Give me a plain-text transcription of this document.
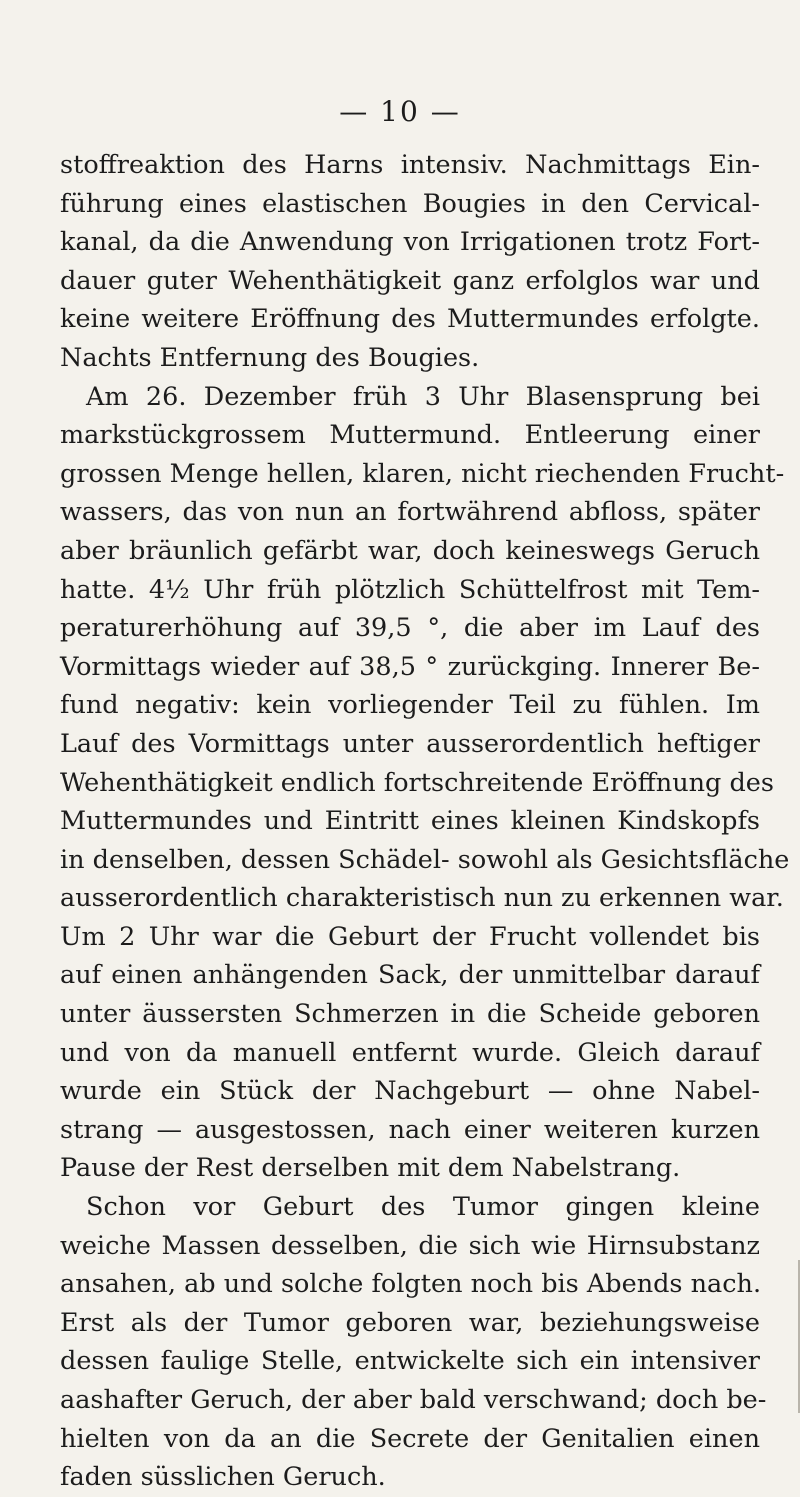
— 10 —
stoffreaktion des Harns intensiv. Nachmittags Ein-
führung eines elastischen Bougies in den Cervical-
kanal, da die Anwendung von Irrigationen trotz Fort-
dauer guter Wehenthätigkeit ganz erfolglos war und
keine weitere Eröffnung des Muttermundes erfolgte.
Nachts Entfernung des Bougies.
Am 26. Dezember früh 3 Uhr Blasensprung bei
markstückgrossem Muttermund. Entleerung einer
grossen Menge hellen, klaren, nicht riechenden Frucht-
wassers, das von nun an fortwährend abfloss, später
aber bräunlich gefärbt war, doch keineswegs Geruch
hatte. 4½ Uhr früh plötzlich Schüttelfrost mit Tem-
peraturerhöhung auf 39,5 °, die aber im Lauf des
Vormittags wieder auf 38,5 ° zurückging. Innerer Be-
fund negativ: kein vorliegender Teil zu fühlen. Im
Lauf des Vormittags unter ausserordentlich heftiger
Wehenthätigkeit endlich fortschreitende Eröffnung des
Muttermundes und Eintritt eines kleinen Kindskopfs
in denselben, dessen Schädel- sowohl als Gesichtsfläche
ausserordentlich charakteristisch nun zu erkennen war.
Um 2 Uhr war die Geburt der Frucht vollendet bis
auf einen anhängenden Sack, der unmittelbar darauf
unter äussersten Schmerzen in die Scheide geboren
und von da manuell entfernt wurde. Gleich darauf
wurde ein Stück der Nachgeburt — ohne Nabel-
strang — ausgestossen, nach einer weiteren kurzen
Pause der Rest derselben mit dem Nabelstrang.
Schon vor Geburt des Tumor gingen kleine
weiche Massen desselben, die sich wie Hirnsubstanz
ansahen, ab und solche folgten noch bis Abends nach.
Erst als der Tumor geboren war, beziehungsweise
dessen faulige Stelle, entwickelte sich ein intensiver
aashafter Geruch, der aber bald verschwand; doch be-
hielten von da an die Secrete der Genitalien einen
faden süsslichen Geruch.
